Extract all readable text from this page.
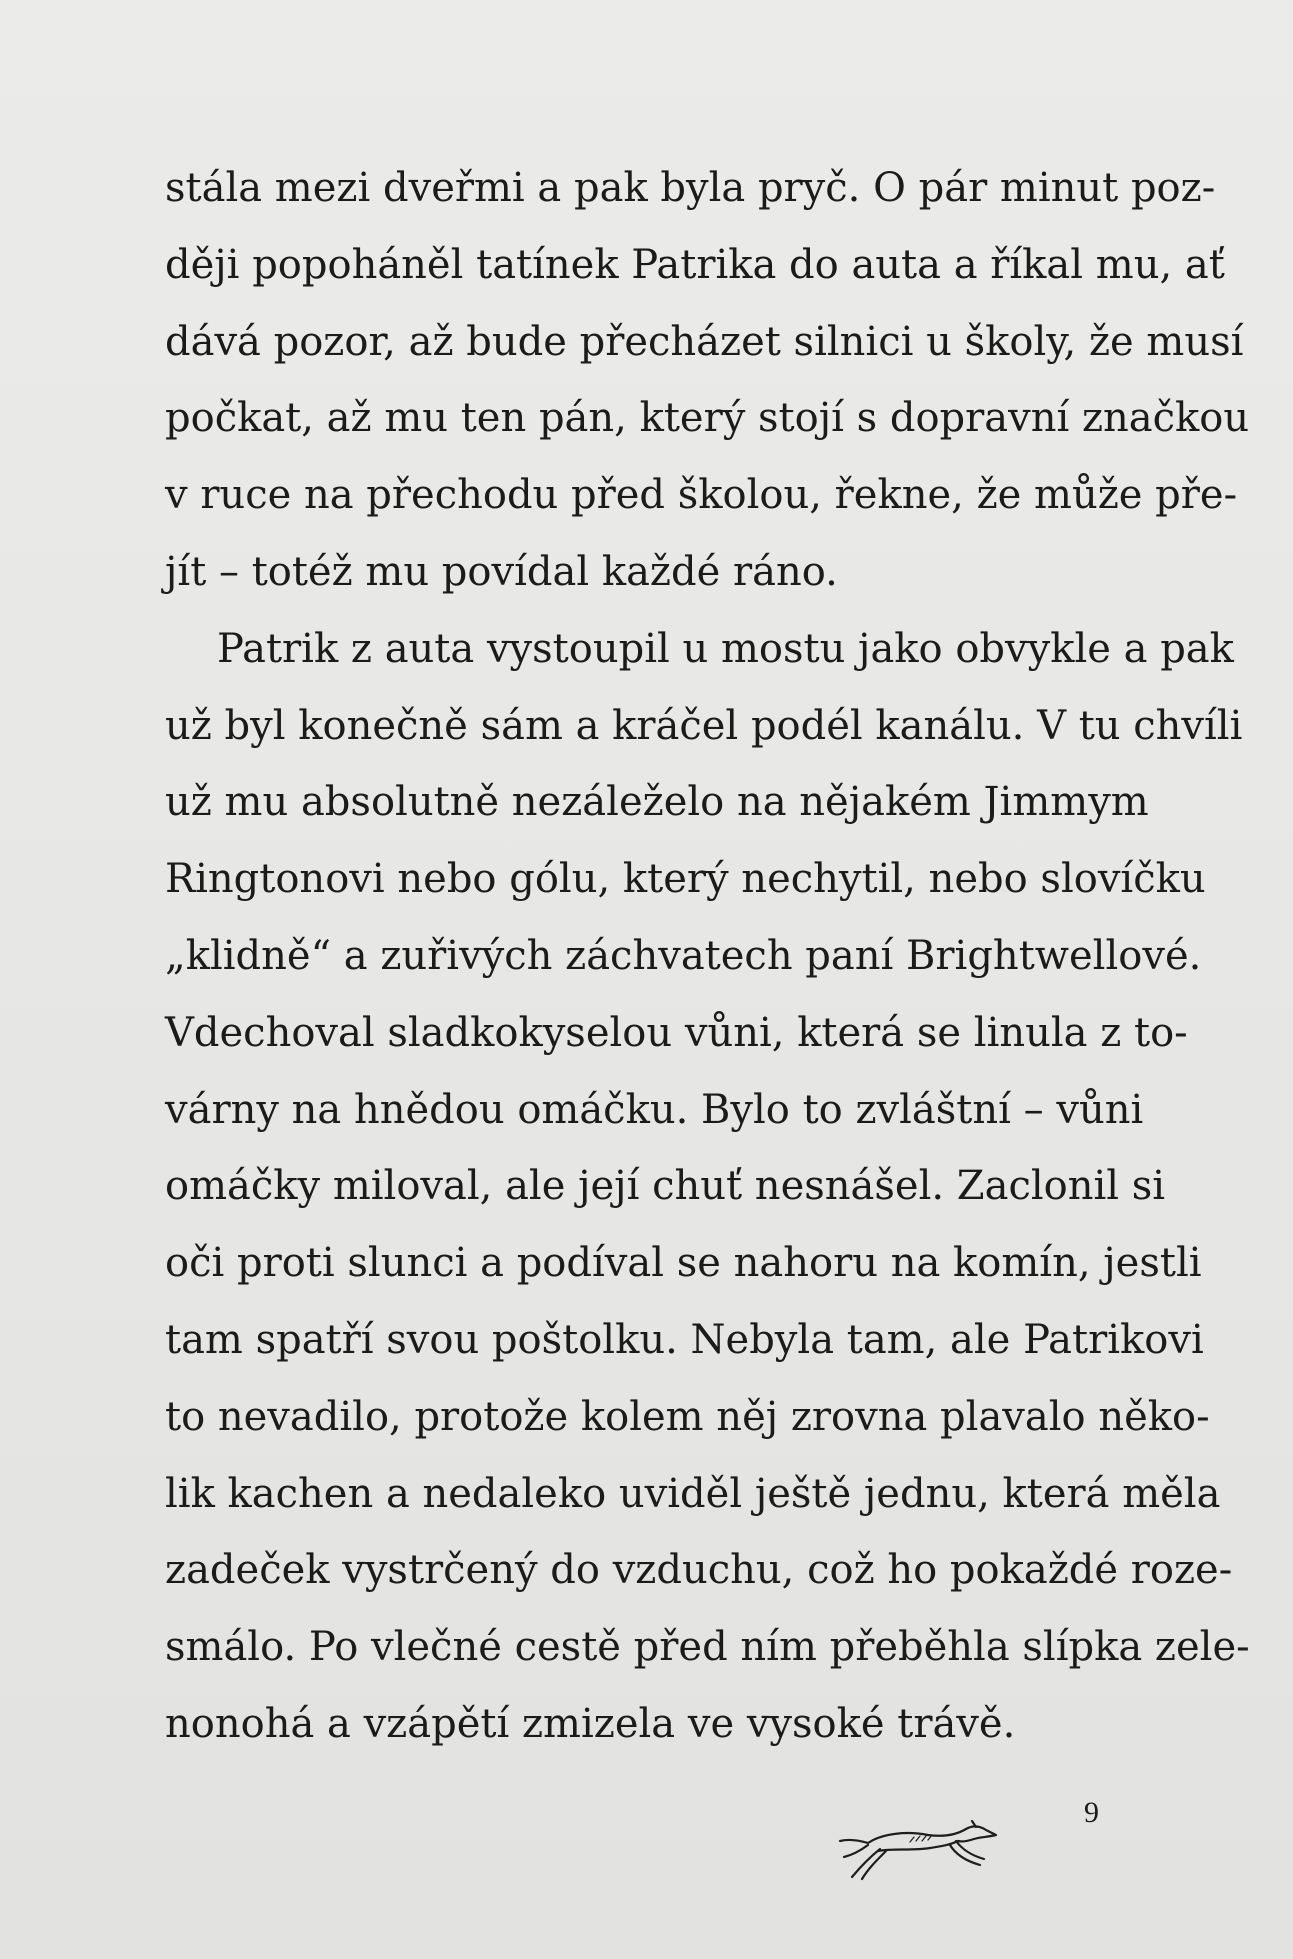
stála mezi dveřmi a pak byla pryč. O pár minut poz-
ději popoháněl tatínek Patrika do auta a říkal mu, ať
dává pozor, až bude přecházet silnici u školy, že musí
počkat, až mu ten pán, který stojí s dopravní značkou
v ruce na přechodu před školou, řekne, že může pře-
jít – totéž mu povídal každé ráno.
Patrik z auta vystoupil u mostu jako obvykle a pak
už byl konečně sám a kráčel podél kanálu. V tu chvíli
už mu absolutně nezáleželo na nějakém Jimmym
Ringtonovi nebo gólu, který nechytil, nebo slovíčku
„klidně“ a zuřivých záchvatech paní Brightwellové.
Vdechoval sladkokyselou vůni, která se linula z to-
várny na hnědou omáčku. Bylo to zvláštní – vůni
omáčky miloval, ale její chuť nesnášel. Zaclonil si
oči proti slunci a podíval se nahoru na komín, jestli
tam spatří svou poštolku. Nebyla tam, ale Patrikovi
to nevadilo, protože kolem něj zrovna plavalo něko-
lik kachen a nedaleko uviděl ještě jednu, která měla
zadeček vystrčený do vzduchu, což ho pokaždé roze-
smálo. Po vlečné cestě před ním přeběhla slípka zele-
nonohá a vzápětí zmizela ve vysoké trávě.
9
